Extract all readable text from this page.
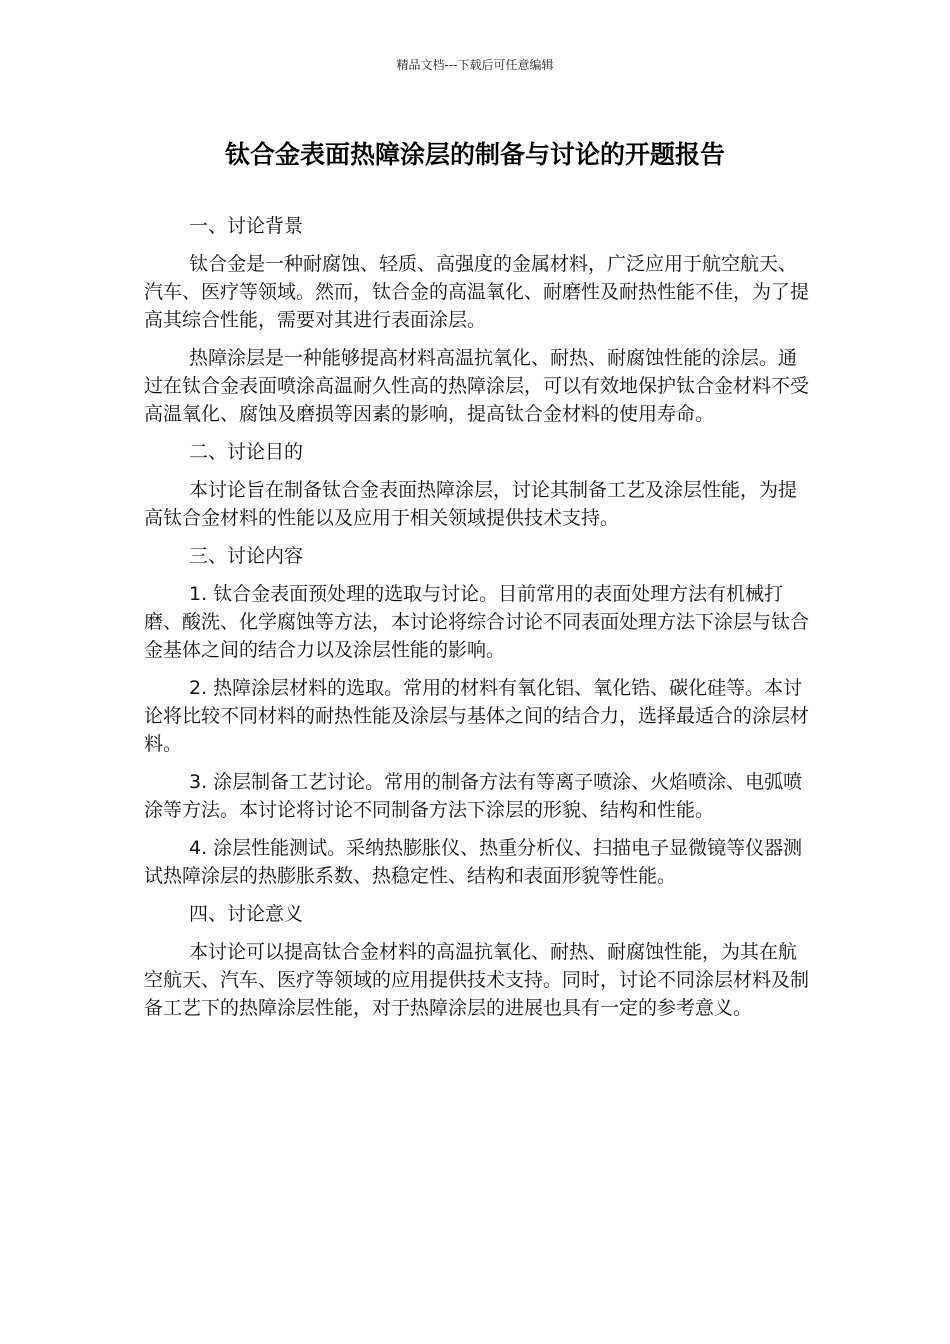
精品文档---下载后可任意编辑
钛合金表面热障涂层的制备与讨论的开题报告

一、讨论背景

钛合金是一种耐腐蚀、轻质、高强度的金属材料，广泛应用于航空航天、汽车、医疗等领域。然而，钛合金的高温氧化、耐磨性及耐热性能不佳，为了提高其综合性能，需要对其进行表面涂层。

热障涂层是一种能够提高材料高温抗氧化、耐热、耐腐蚀性能的涂层。通过在钛合金表面喷涂高温耐久性高的热障涂层，可以有效地保护钛合金材料不受高温氧化、腐蚀及磨损等因素的影响，提高钛合金材料的使用寿命。

二、讨论目的

本讨论旨在制备钛合金表面热障涂层，讨论其制备工艺及涂层性能，为提高钛合金材料的性能以及应用于相关领域提供技术支持。

三、讨论内容

1. 钛合金表面预处理的选取与讨论。目前常用的表面处理方法有机械打磨、酸洗、化学腐蚀等方法，本讨论将综合讨论不同表面处理方法下涂层与钛合金基体之间的结合力以及涂层性能的影响。

2. 热障涂层材料的选取。常用的材料有氧化铝、氧化锆、碳化硅等。本讨论将比较不同材料的耐热性能及涂层与基体之间的结合力，选择最适合的涂层材料。

3. 涂层制备工艺讨论。常用的制备方法有等离子喷涂、火焰喷涂、电弧喷涂等方法。本讨论将讨论不同制备方法下涂层的形貌、结构和性能。

4. 涂层性能测试。采纳热膨胀仪、热重分析仪、扫描电子显微镜等仪器测试热障涂层的热膨胀系数、热稳定性、结构和表面形貌等性能。

四、讨论意义

本讨论可以提高钛合金材料的高温抗氧化、耐热、耐腐蚀性能，为其在航空航天、汽车、医疗等领域的应用提供技术支持。同时，讨论不同涂层材料及制备工艺下的热障涂层性能，对于热障涂层的进展也具有一定的参考意义。
